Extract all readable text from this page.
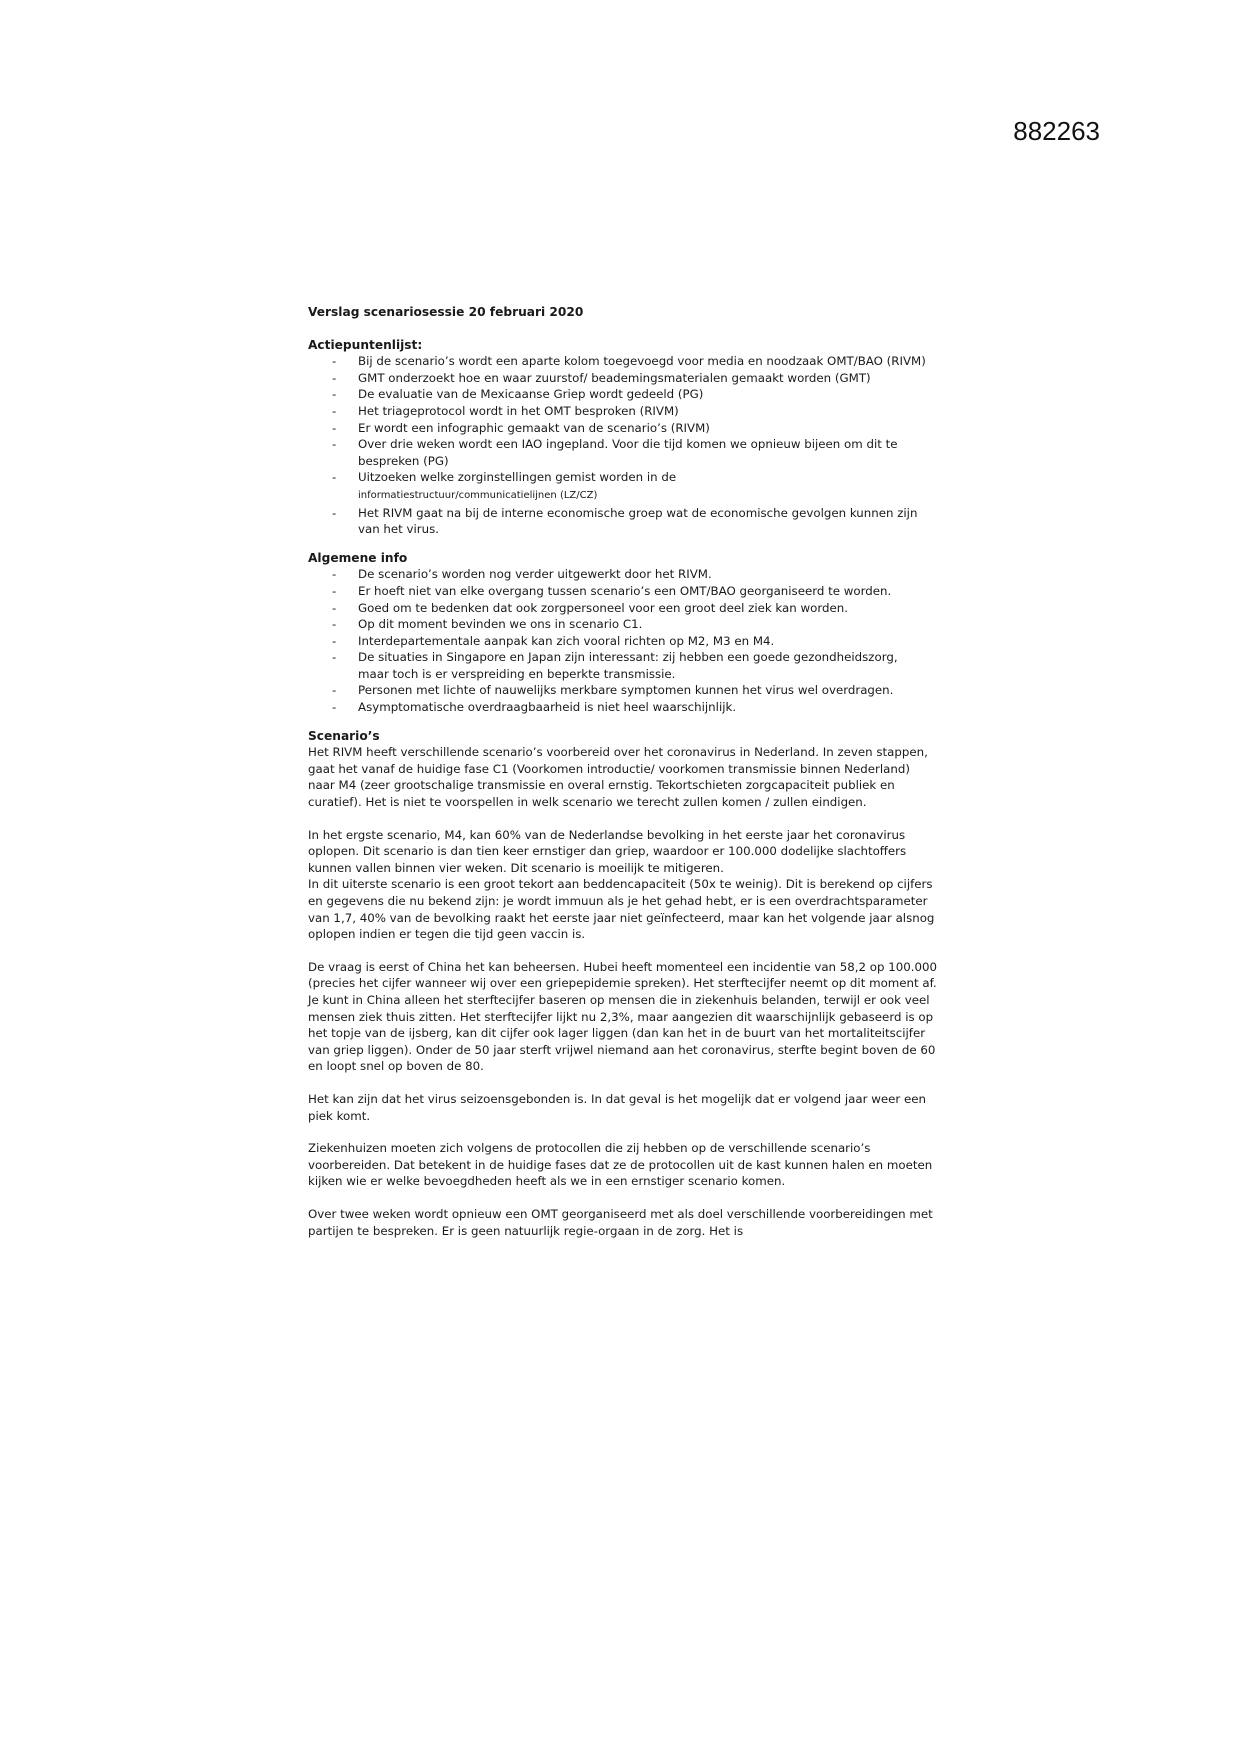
882263

Verslag scenariosessie 20 februari 2020

Actiepuntenlijst:

- Bij de scenario’s wordt een aparte kolom toegevoegd voor media en noodzaak OMT/BAO (RIVM)
- GMT onderzoekt hoe en waar zuurstof/ beademingsmaterialen gemaakt worden (GMT)
- De evaluatie van de Mexicaanse Griep wordt gedeeld (PG)
- Het triageprotocol wordt in het OMT besproken (RIVM)
- Er wordt een infographic gemaakt van de scenario’s (RIVM)
- Over drie weken wordt een IAO ingepland. Voor die tijd komen we opnieuw bijeen om dit te bespreken (PG)
- Uitzoeken welke zorginstellingen gemist worden in de
informatiestructuur/communicatielijnen (LZ/CZ)
- Het RIVM gaat na bij de interne economische groep wat de economische gevolgen kunnen zijn van het virus.

Algemene info

- De scenario’s worden nog verder uitgewerkt door het RIVM.
- Er hoeft niet van elke overgang tussen scenario’s een OMT/BAO georganiseerd te worden.
- Goed om te bedenken dat ook zorgpersoneel voor een groot deel ziek kan worden.
- Op dit moment bevinden we ons in scenario C1.
- Interdepartementale aanpak kan zich vooral richten op M2, M3 en M4.
- De situaties in Singapore en Japan zijn interessant: zij hebben een goede gezondheidszorg, maar toch is er verspreiding en beperkte transmissie.
- Personen met lichte of nauwelijks merkbare symptomen kunnen het virus wel overdragen.
- Asymptomatische overdraagbaarheid is niet heel waarschijnlijk.

Scenario’s

Het RIVM heeft verschillende scenario’s voorbereid over het coronavirus in Nederland. In zeven stappen, gaat het vanaf de huidige fase C1 (Voorkomen introductie/ voorkomen transmissie binnen Nederland) naar M4 (zeer grootschalige transmissie en overal ernstig. Tekortschieten zorgcapaciteit publiek en curatief). Het is niet te voorspellen in welk scenario we terecht zullen komen / zullen eindigen.

In het ergste scenario, M4, kan 60% van de Nederlandse bevolking in het eerste jaar het coronavirus oplopen. Dit scenario is dan tien keer ernstiger dan griep, waardoor er 100.000 dodelijke slachtoffers kunnen vallen binnen vier weken. Dit scenario is moeilijk te mitigeren.

In dit uiterste scenario is een groot tekort aan beddencapaciteit (50x te weinig). Dit is berekend op cijfers en gegevens die nu bekend zijn: je wordt immuun als je het gehad hebt, er is een overdrachtsparameter van 1,7, 40% van de bevolking raakt het eerste jaar niet geïnfecteerd, maar kan het volgende jaar alsnog oplopen indien er tegen die tijd geen vaccin is.

De vraag is eerst of China het kan beheersen. Hubei heeft momenteel een incidentie van 58,2 op 100.000 (precies het cijfer wanneer wij over een griepepidemie spreken). Het sterftecijfer neemt op dit moment af. Je kunt in China alleen het sterftecijfer baseren op mensen die in ziekenhuis belanden, terwijl er ook veel mensen ziek thuis zitten. Het sterftecijfer lijkt nu 2,3%, maar aangezien dit waarschijnlijk gebaseerd is op het topje van de ijsberg, kan dit cijfer ook lager liggen (dan kan het in de buurt van het mortaliteitscijfer van griep liggen). Onder de 50 jaar sterft vrijwel niemand aan het coronavirus, sterfte begint boven de 60 en loopt snel op boven de 80.

Het kan zijn dat het virus seizoensgebonden is. In dat geval is het mogelijk dat er volgend jaar weer een piek komt.

Ziekenhuizen moeten zich volgens de protocollen die zij hebben op de verschillende scenario’s voorbereiden. Dat betekent in de huidige fases dat ze de protocollen uit de kast kunnen halen en moeten kijken wie er welke bevoegdheden heeft als we in een ernstiger scenario komen.

Over twee weken wordt opnieuw een OMT georganiseerd met als doel verschillende voorbereidingen met partijen te bespreken. Er is geen natuurlijk regie-orgaan in de zorg. Het is
